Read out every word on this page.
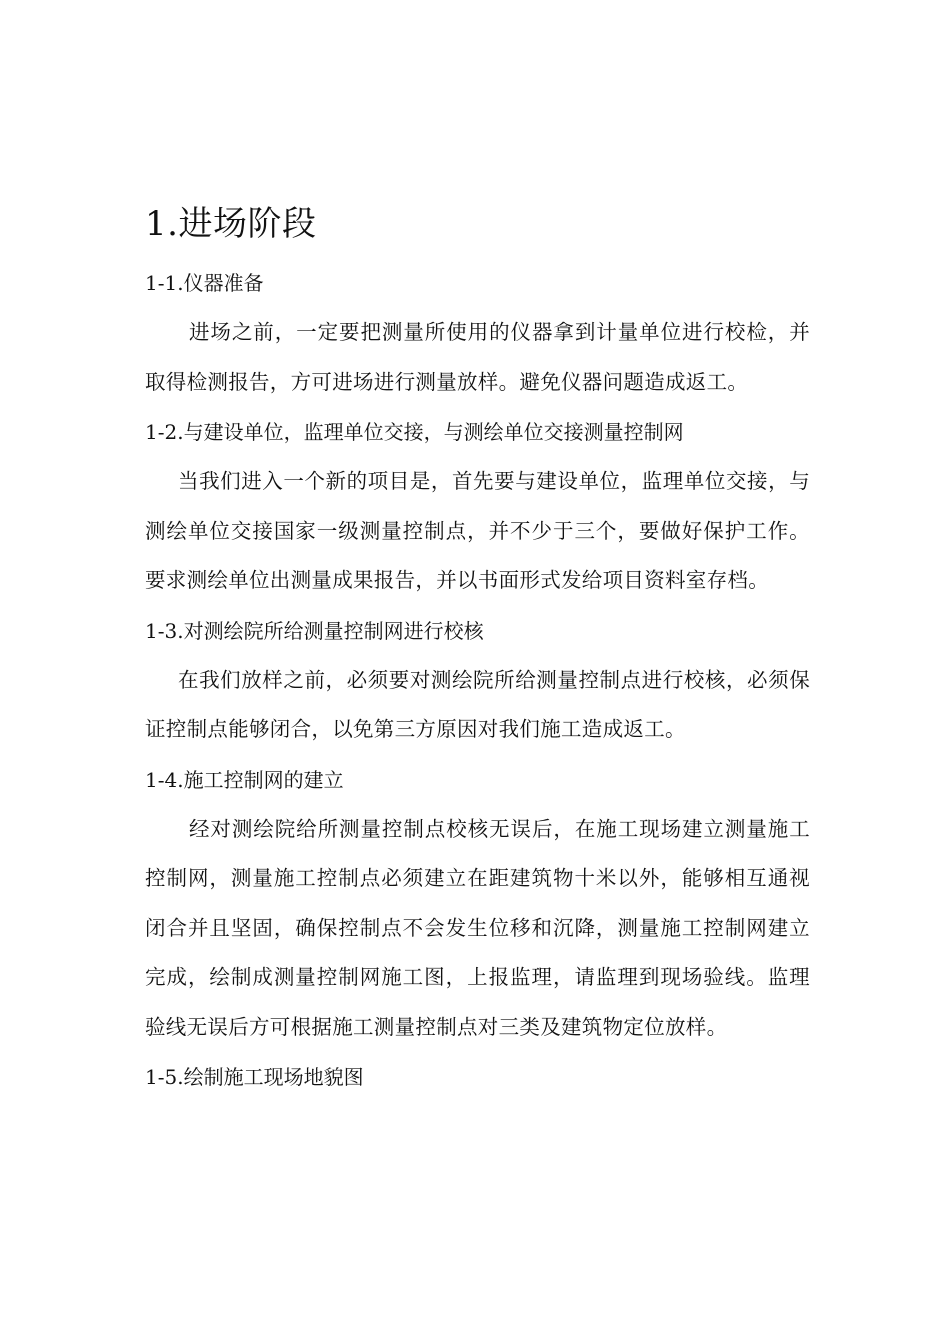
1.进场阶段

1-1.仪器准备

进场之前，一定要把测量所使用的仪器拿到计量单位进行校检，并取得检测报告，方可进场进行测量放样。避免仪器问题造成返工。

1-2.与建设单位，监理单位交接，与测绘单位交接测量控制网

当我们进入一个新的项目是，首先要与建设单位，监理单位交接，与测绘单位交接国家一级测量控制点，并不少于三个，要做好保护工作。要求测绘单位出测量成果报告，并以书面形式发给项目资料室存档。

1-3.对测绘院所给测量控制网进行校核

在我们放样之前，必须要对测绘院所给测量控制点进行校核，必须保证控制点能够闭合，以免第三方原因对我们施工造成返工。

1-4.施工控制网的建立

经对测绘院给所测量控制点校核无误后，在施工现场建立测量施工控制网，测量施工控制点必须建立在距建筑物十米以外，能够相互通视闭合并且坚固，确保控制点不会发生位移和沉降，测量施工控制网建立完成，绘制成测量控制网施工图，上报监理，请监理到现场验线。监理验线无误后方可根据施工测量控制点对三类及建筑物定位放样。

1-5.绘制施工现场地貌图
